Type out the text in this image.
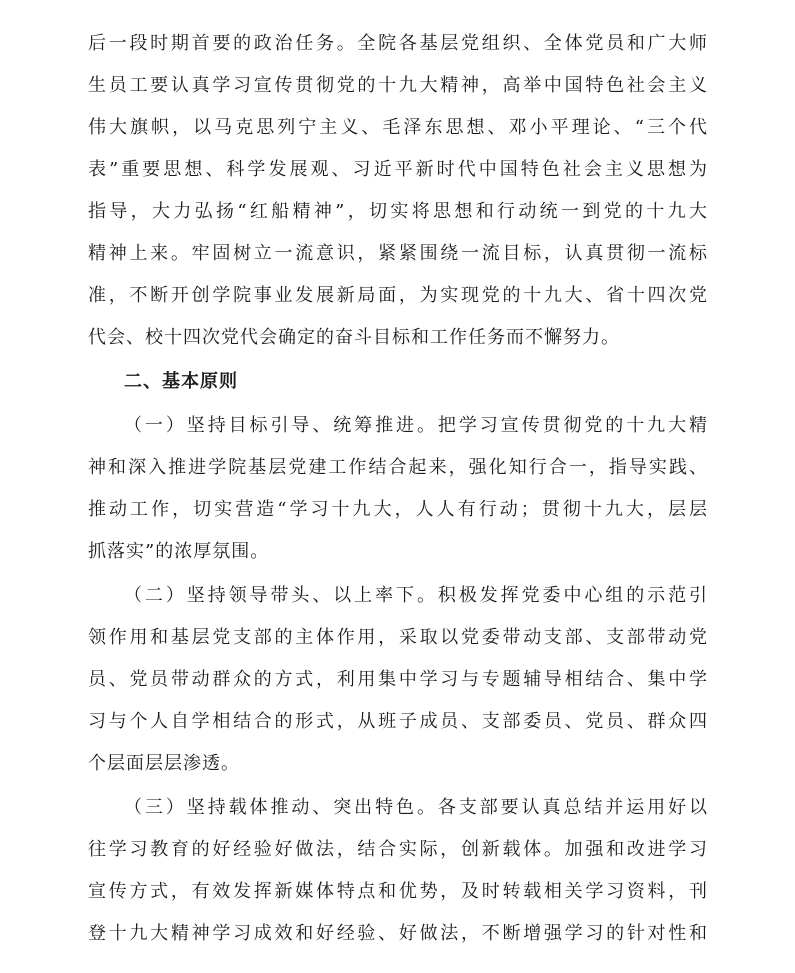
后一段时期首要的政治任务。全院各基层党组织、全体党员和广大师
生员工要认真学习宣传贯彻党的十九大精神，高举中国特色社会主义
伟大旗帜，以马克思列宁主义、毛泽东思想、邓小平理论、“三个代
表”重要思想、科学发展观、习近平新时代中国特色社会主义思想为
指导，大力弘扬“红船精神”，切实将思想和行动统一到党的十九大
精神上来。牢固树立一流意识，紧紧围绕一流目标，认真贯彻一流标
准，不断开创学院事业发展新局面，为实现党的十九大、省十四次党
代会、校十四次党代会确定的奋斗目标和工作任务而不懈努力。
二、基本原则
（一）坚持目标引导、统筹推进。把学习宣传贯彻党的十九大精
神和深入推进学院基层党建工作结合起来，强化知行合一，指导实践、
推动工作，切实营造“学习十九大，人人有行动；贯彻十九大，层层
抓落实”的浓厚氛围。
（二）坚持领导带头、以上率下。积极发挥党委中心组的示范引
领作用和基层党支部的主体作用，采取以党委带动支部、支部带动党
员、党员带动群众的方式，利用集中学习与专题辅导相结合、集中学
习与个人自学相结合的形式，从班子成员、支部委员、党员、群众四
个层面层层渗透。
（三）坚持载体推动、突出特色。各支部要认真总结并运用好以
往学习教育的好经验好做法，结合实际，创新载体。加强和改进学习
宣传方式，有效发挥新媒体特点和优势，及时转载相关学习资料，刊
登十九大精神学习成效和好经验、好做法，不断增强学习的针对性和
